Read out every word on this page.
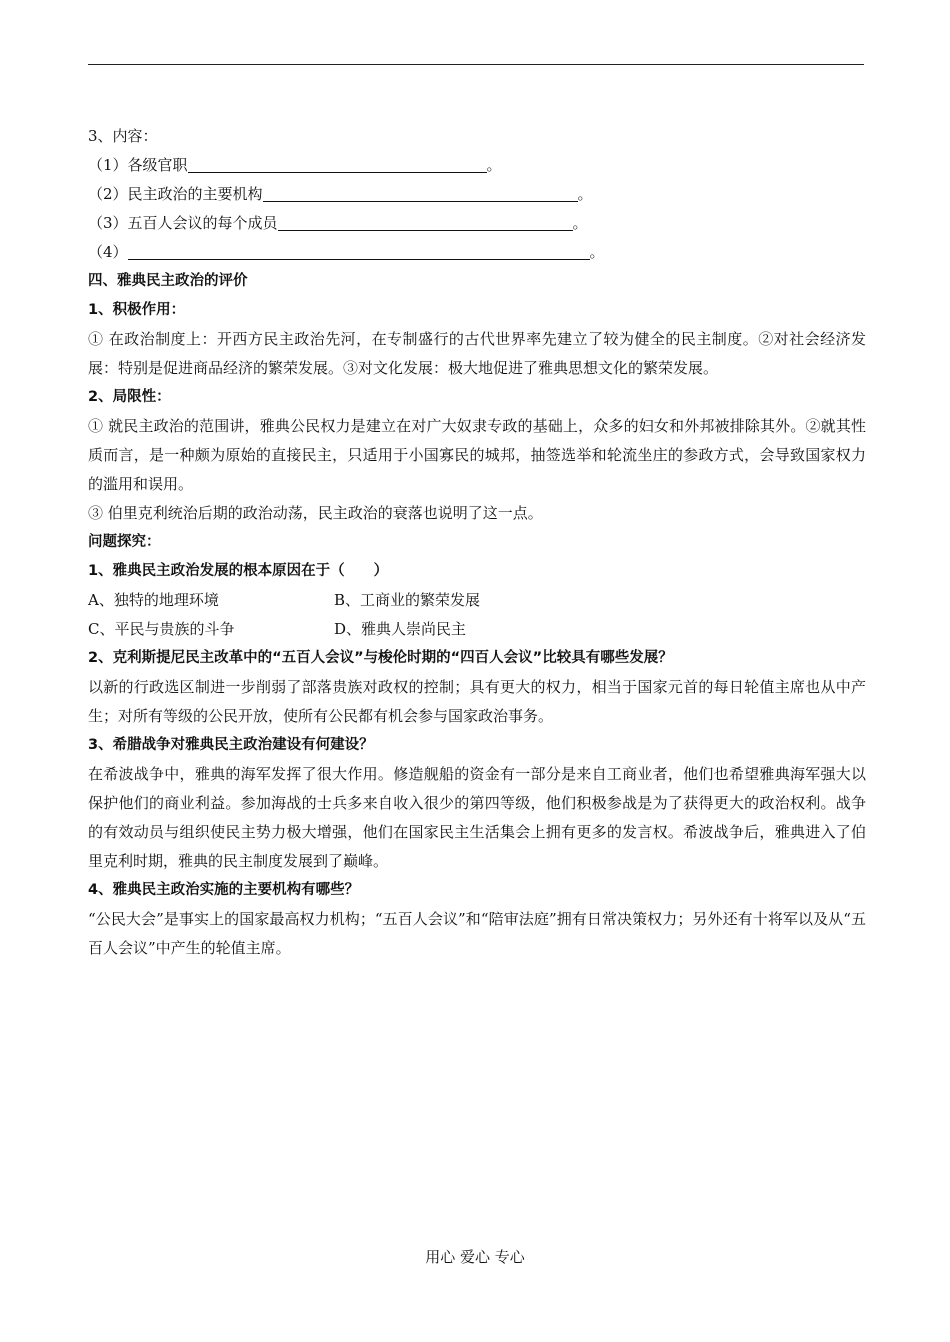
3、内容：
（1）各级官职	。
（2）民主政治的主要机构	。
（3）五百人会议的每个成员	。
（4）	。
四、雅典民主政治的评价
1、积极作用：
① 在政治制度上：开西方民主政治先河，在专制盛行的古代世界率先建立了较为健全的民主制度。②对社会经济发展：特别是促进商品经济的繁荣发展。③对文化发展：极大地促进了雅典思想文化的繁荣发展。
2、局限性：
① 就民主政治的范围讲，雅典公民权力是建立在对广大奴隶专政的基础上，众多的妇女和外邦被排除其外。②就其性质而言，是一种颇为原始的直接民主，只适用于小国寡民的城邦，抽签选举和轮流坐庄的参政方式，会导致国家权力的滥用和误用。
③ 伯里克利统治后期的政治动荡，民主政治的衰落也说明了这一点。
问题探究：
1、雅典民主政治发展的根本原因在于（　　）
A、独特的地理环境	B、工商业的繁荣发展
C、平民与贵族的斗争	D、雅典人崇尚民主
2、克利斯提尼民主改革中的“五百人会议”与梭伦时期的“四百人会议”比较具有哪些发展？
以新的行政选区制进一步削弱了部落贵族对政权的控制；具有更大的权力，相当于国家元首的每日轮值主席也从中产生；对所有等级的公民开放，使所有公民都有机会参与国家政治事务。
3、希腊战争对雅典民主政治建设有何建设？
在希波战争中，雅典的海军发挥了很大作用。修造舰船的资金有一部分是来自工商业者，他们也希望雅典海军强大以保护他们的商业利益。参加海战的士兵多来自收入很少的第四等级，他们积极参战是为了获得更大的政治权利。战争的有效动员与组织使民主势力极大增强，他们在国家民主生活集会上拥有更多的发言权。希波战争后，雅典进入了伯里克利时期，雅典的民主制度发展到了巅峰。
4、雅典民主政治实施的主要机构有哪些？
“公民大会”是事实上的国家最高权力机构；“五百人会议”和“陪审法庭”拥有日常决策权力；另外还有十将军以及从“五百人会议”中产生的轮值主席。
用心 爱心 专心
